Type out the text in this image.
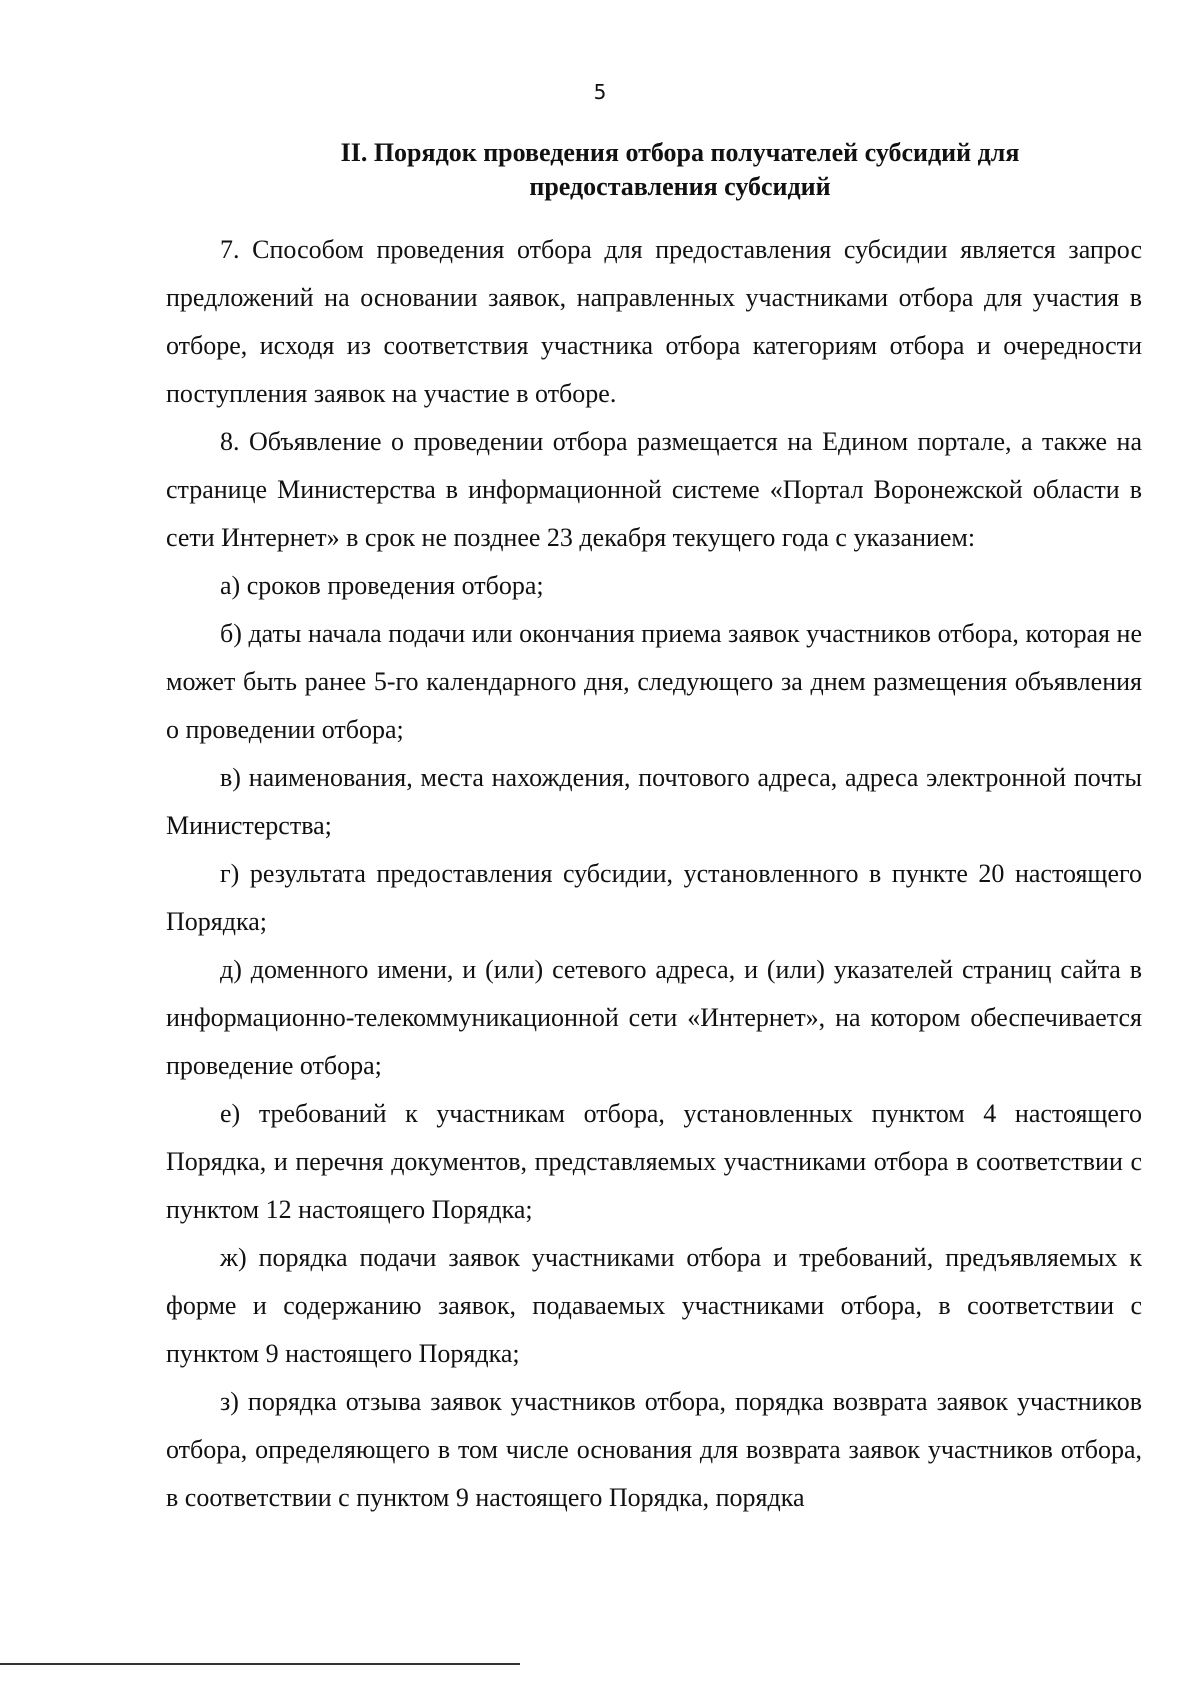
5
II. Порядок проведения отбора получателей субсидий для
предоставления субсидий

7. Способом проведения отбора для предоставления субсидии является запрос предложений на основании заявок, направленных участниками отбора для участия в отборе, исходя из соответствия участника отбора категориям отбора и очередности поступления заявок на участие в отборе.

8. Объявление о проведении отбора размещается на Едином портале, а также на странице Министерства в информационной системе «Портал Воронежской области в сети Интернет» в срок не позднее 23 декабря текущего года с указанием:

а) сроков проведения отбора;

б) даты начала подачи или окончания приема заявок участников отбора, которая не может быть ранее 5-го календарного дня, следующего за днем размещения объявления о проведении отбора;

в) наименования, места нахождения, почтового адреса, адреса электронной почты Министерства;

г) результата предоставления субсидии, установленного в пункте 20 настоящего Порядка;

д) доменного имени, и (или) сетевого адреса, и (или) указателей страниц сайта в информационно-телекоммуникационной сети «Интернет», на котором обеспечивается проведение отбора;

е) требований к участникам отбора, установленных пунктом 4 настоящего Порядка, и перечня документов, представляемых участниками отбора в соответствии с пунктом 12 настоящего Порядка;

ж) порядка подачи заявок участниками отбора и требований, предъявляемых к форме и содержанию заявок, подаваемых участниками отбора, в соответствии с пунктом 9 настоящего Порядка;

з) порядка отзыва заявок участников отбора, порядка возврата заявок участников отбора, определяющего в том числе основания для возврата заявок участников отбора, в соответствии с пунктом 9 настоящего Порядка, порядка
